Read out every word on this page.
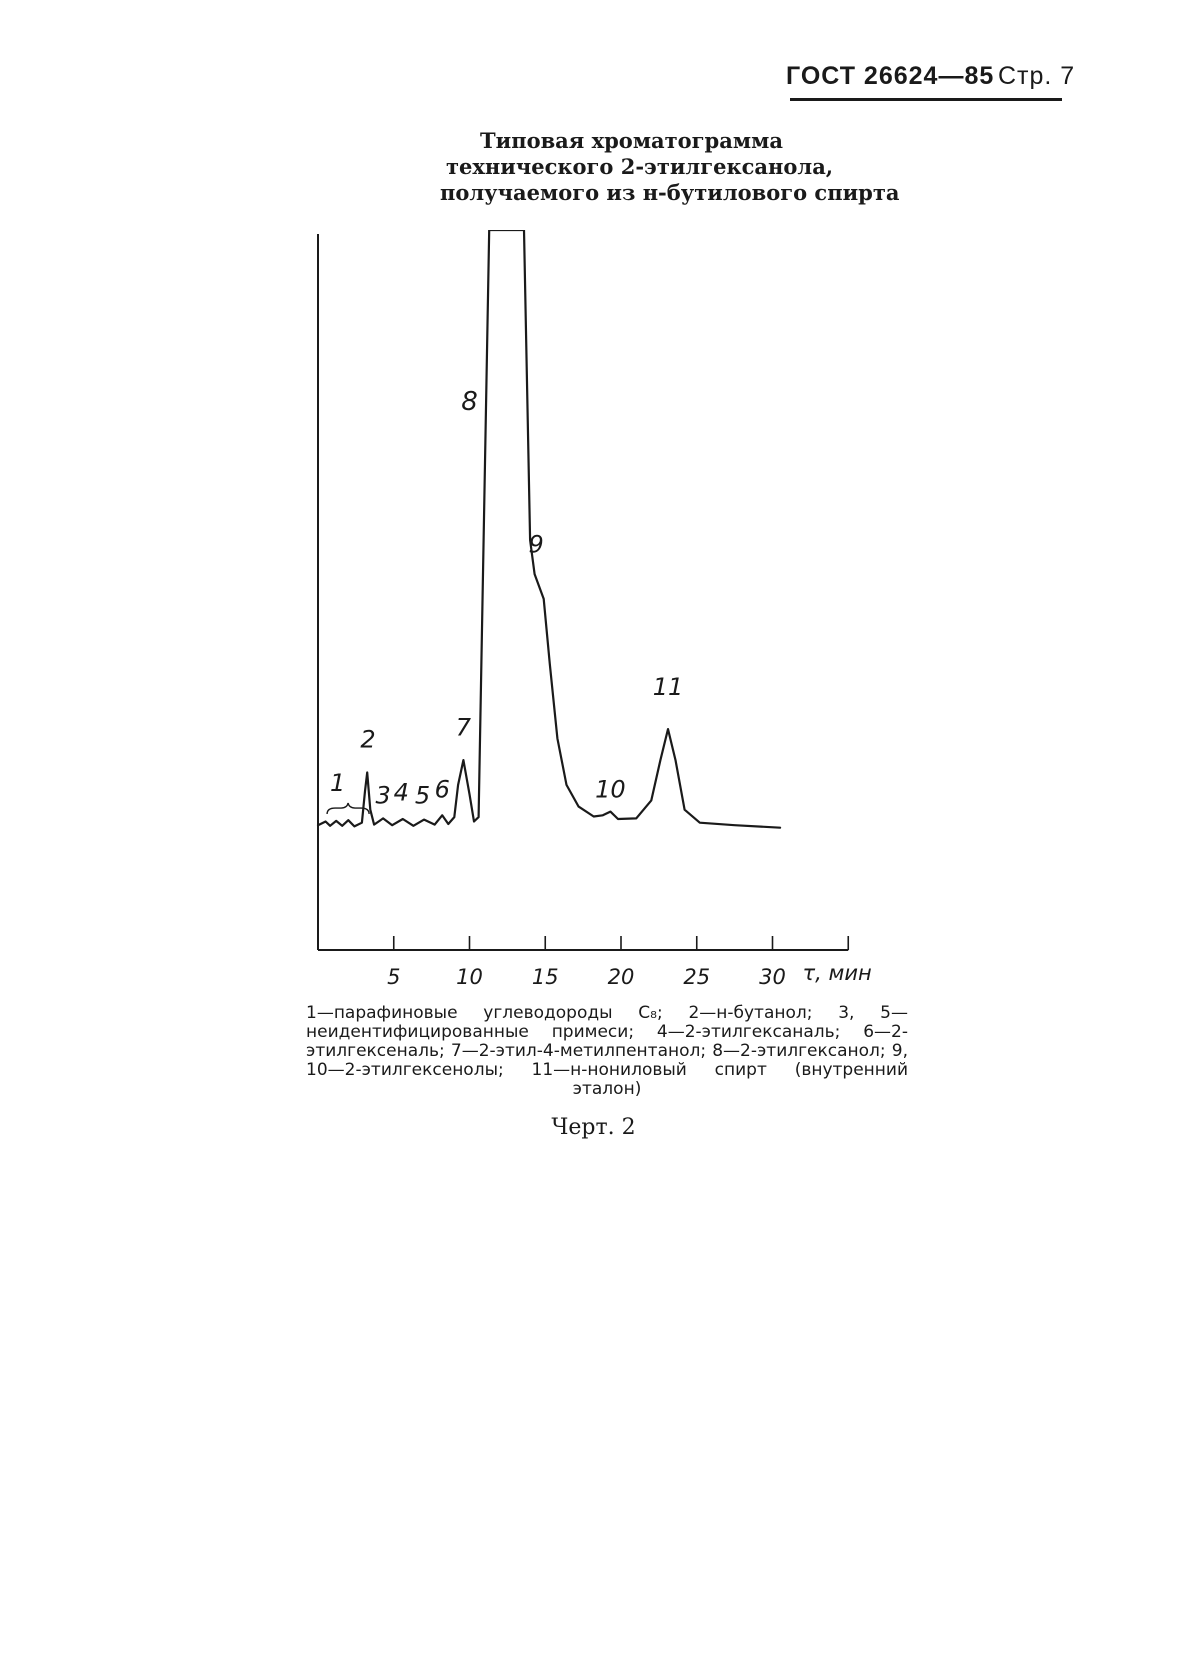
ГОСТ 26624—85 Стр. 7
Типовая хроматограмма
технического 2-этилгексанола,
получаемого из н-бутилового спирта
5	10 15 20 25 30 τ, мин
1
2
3 4 5 6
7
8
9
10
11
1—парафиновые углеводороды C₈; 2—н-бутанол; 3, 5—неидентифицированные примеси; 4—2-этилгексаналь; 6—2-этилгексеналь; 7—2-этил-4-метилпентанол; 8—2-этилгексанол; 9, 10—2-этилгексенолы; 11—н-нониловый спирт (внутренний эталон)
Черт. 2
